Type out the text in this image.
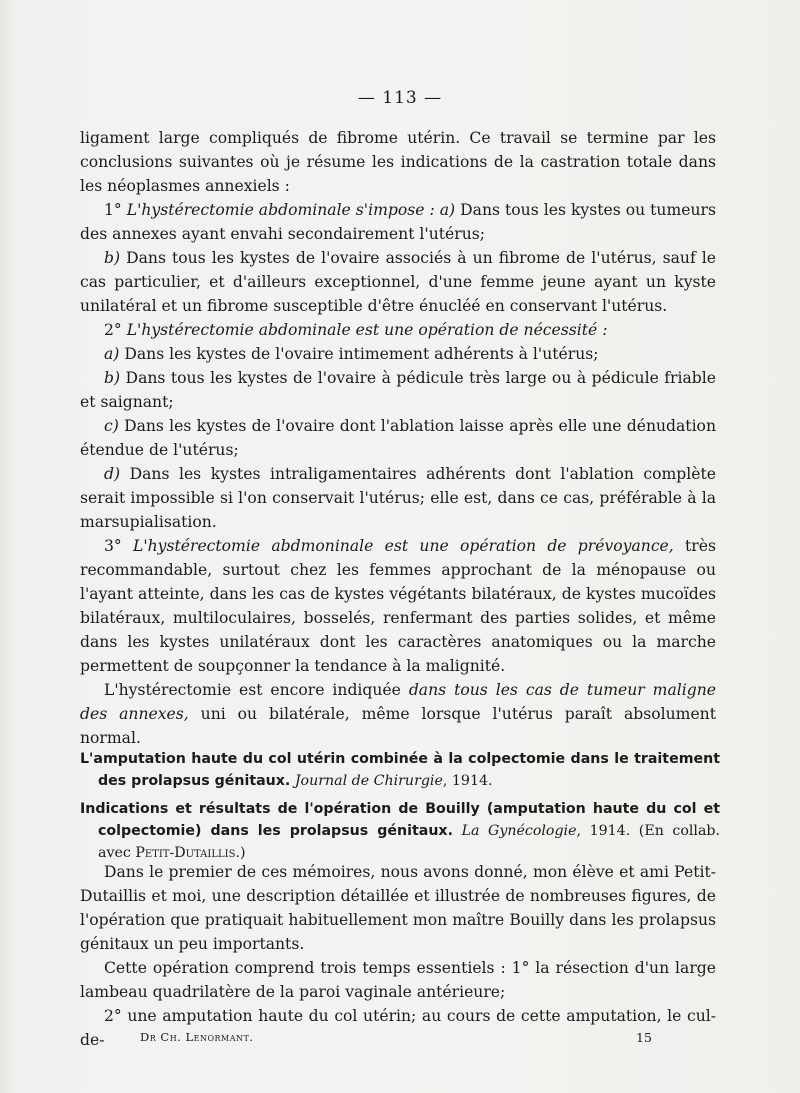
— 113 —

ligament large compliqués de fibrome utérin. Ce travail se termine par les conclusions suivantes où je résume les indications de la castration totale dans les néoplasmes annexiels :

1° L'hystérectomie abdominale s'impose : a) Dans tous les kystes ou tumeurs des annexes ayant envahi secondairement l'utérus;

b) Dans tous les kystes de l'ovaire associés à un fibrome de l'utérus, sauf le cas particulier, et d'ailleurs exceptionnel, d'une femme jeune ayant un kyste unilatéral et un fibrome susceptible d'être énucléé en conservant l'utérus.

2° L'hystérectomie abdominale est une opération de nécessité :

a) Dans les kystes de l'ovaire intimement adhérents à l'utérus;

b) Dans tous les kystes de l'ovaire à pédicule très large ou à pédicule friable et saignant;

c) Dans les kystes de l'ovaire dont l'ablation laisse après elle une dénudation étendue de l'utérus;

d) Dans les kystes intraligamentaires adhérents dont l'ablation complète serait impossible si l'on conservait l'utérus; elle est, dans ce cas, préférable à la marsupialisation.

3° L'hystérectomie abdmoninale est une opération de prévoyance, très recommandable, surtout chez les femmes approchant de la ménopause ou l'ayant atteinte, dans les cas de kystes végétants bilatéraux, de kystes mucoïdes bilatéraux, multiloculaires, bosselés, renfermant des parties solides, et même dans les kystes unilatéraux dont les caractères anatomiques ou la marche permettent de soupçonner la tendance à la malignité.

L'hystérectomie est encore indiquée dans tous les cas de tumeur maligne des annexes, uni ou bilatérale, même lorsque l'utérus paraît absolument normal.

L'amputation haute du col utérin combinée à la colpectomie dans le traitement des prolapsus génitaux. Journal de Chirurgie, 1914.

Indications et résultats de l'opération de Bouilly (amputation haute du col et colpectomie) dans les prolapsus génitaux. La Gynécologie, 1914. (En collab. avec Petit-Dutaillis.)

Dans le premier de ces mémoires, nous avons donné, mon élève et ami Petit-Dutaillis et moi, une description détaillée et illustrée de nombreuses figures, de l'opération que pratiquait habituellement mon maître Bouilly dans les prolapsus génitaux un peu importants.

Cette opération comprend trois temps essentiels : 1° la résection d'un large lambeau quadrilatère de la paroi vaginale antérieure;

2° une amputation haute du col utérin; au cours de cette amputation, le cul-de-	Dr Ch. Lenormant.	15
